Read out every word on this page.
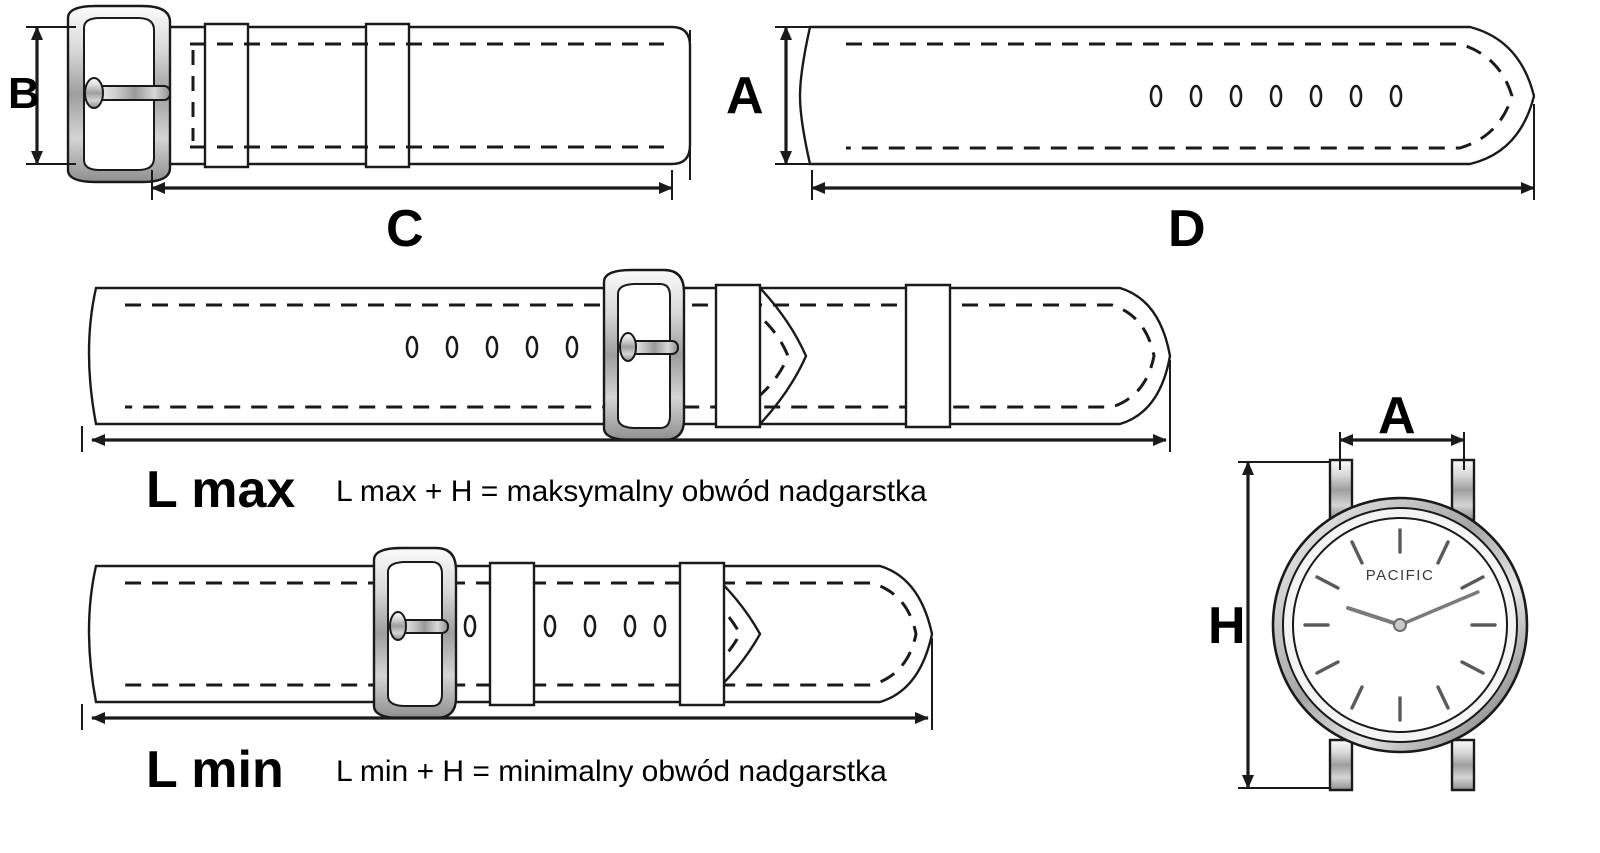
PACIFIC
B
C
A
D
L max L max + H = maksymalny obwód nadgarstka
L min L min + H = minimalny obwód nadgarstka
A
H
